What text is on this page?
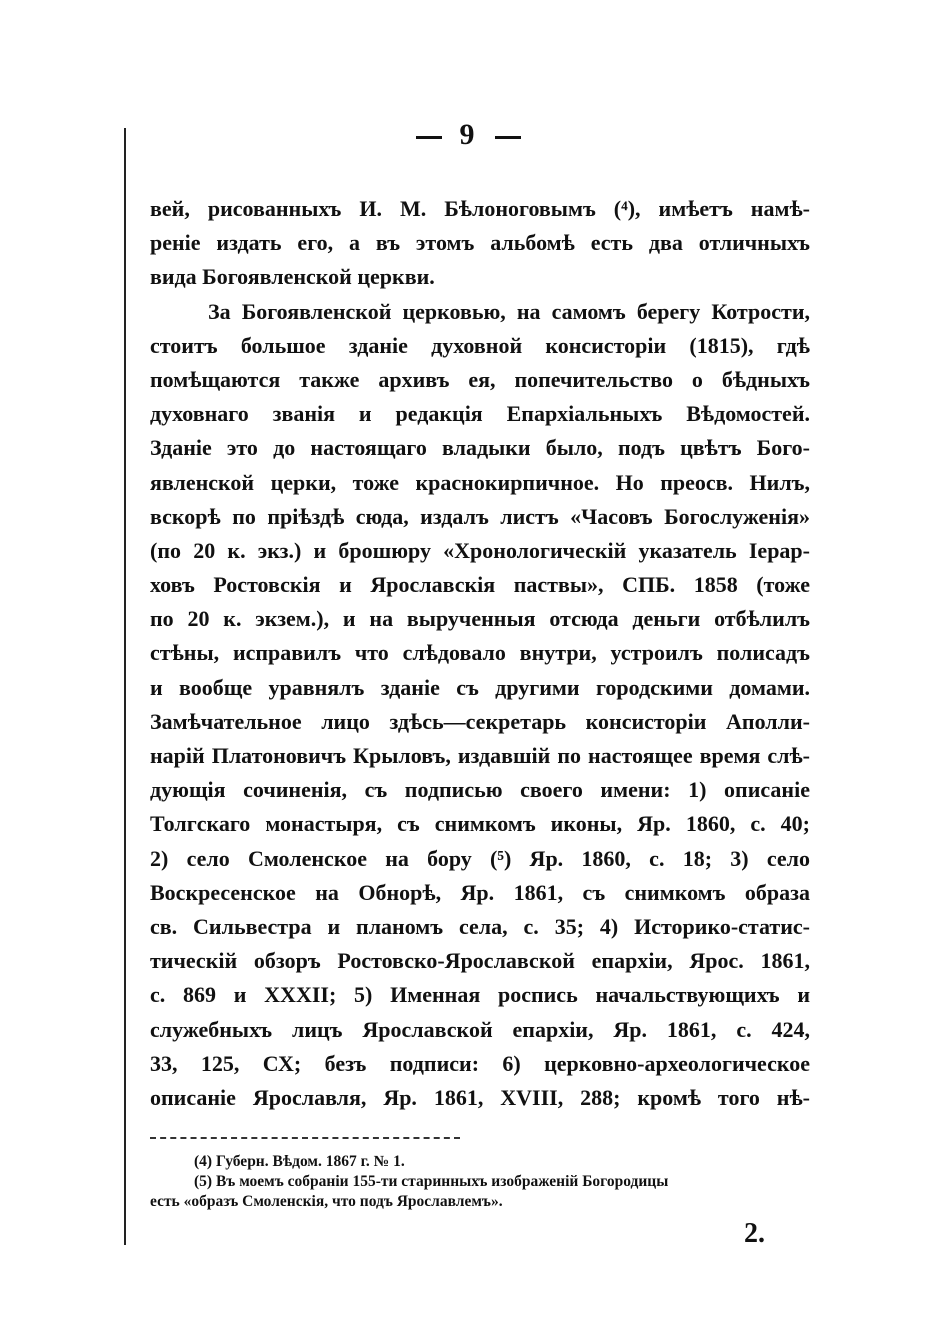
9
вей, рисованныхъ И. М. Бѣлоноговымъ (⁴), имѣетъ намѣ-
реніе издать его, а въ этомъ альбомѣ есть два отличныхъ
вида Богоявленской церкви.
За Богоявленской церковью, на самомъ берегу Котрости,
стоитъ большое зданіе духовной консисторіи (1815), гдѣ
помѣщаются также архивъ ея, попечительство о бѣдныхъ
духовнаго званія и редакція Епархіальныхъ Вѣдомостей.
Зданіе это до настоящаго владыки было, подъ цвѣтъ Бого-
явленской церки, тоже краснокирпичное. Но преосв. Нилъ,
вскорѣ по пріѣздѣ сюда, издалъ листъ «Часовъ Богослуженія»
(по 20 к. экз.) и брошюру «Хронологическій указатель Іерар-
ховъ Ростовскія и Ярославскія паствы», СПБ. 1858 (тоже
по 20 к. экзем.), и на вырученныя отсюда деньги отбѣлилъ
стѣны, исправилъ что слѣдовало внутри, устроилъ полисадъ
и вообще уравнялъ зданіе съ другими городскими домами.
Замѣчательное лицо здѣсь—секретарь консисторіи Аполли-
нарій Платоновичъ Крыловъ, издавшій по настоящее время слѣ-
дующія сочиненія, съ подписью своего имени: 1) описаніе
Толгскаго монастыря, съ снимкомъ иконы, Яр. 1860, с. 40;
2) село Смоленское на бору (⁵) Яр. 1860, с. 18; 3) село
Воскресенское на Обнорѣ, Яр. 1861, съ снимкомъ образа
св. Сильвестра и планомъ села, с. 35; 4) Историко-статис-
тическій обзоръ Ростовско-Ярославской епархіи, Ярос. 1861,
с. 869 и XXXII; 5) Именная роспись начальствующихъ и
служебныхъ лицъ Ярославской епархіи, Яр. 1861, с. 424,
33, 125, СХ; безъ подписи: 6) церковно-археологическое
описаніе Ярославля, Яр. 1861, XVIII, 288; кромѣ того нѣ-
(4) Губерн. Вѣдом. 1867 г. № 1.
(5) Въ моемъ собраніи 155-ти старинныхъ изображеній Богородицы
есть «образъ Смоленскія, что подъ Ярославлемъ».
2.
